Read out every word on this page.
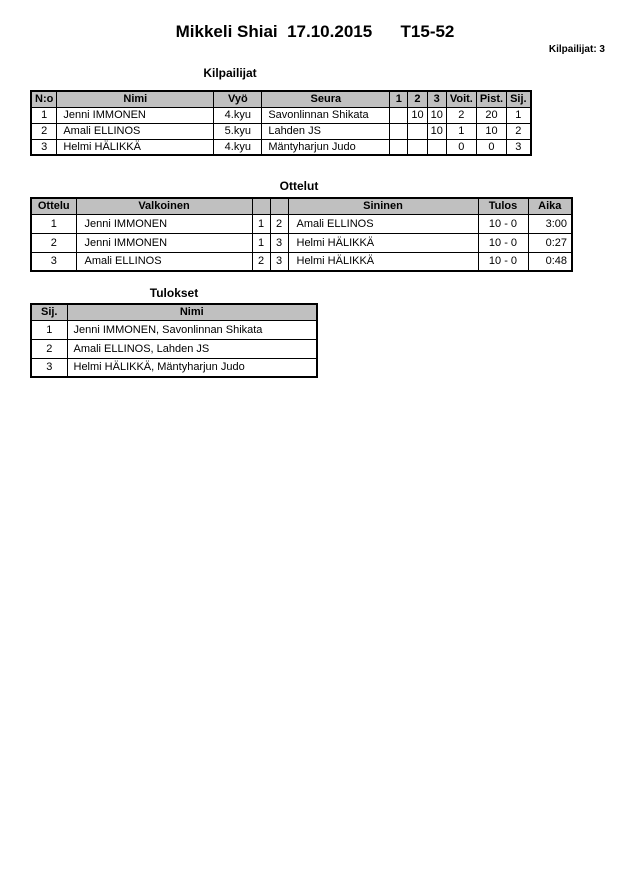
Mikkeli Shiai  17.10.2015      T15-52
Kilpailijat: 3
Kilpailijat
N:o	Nimi	Vyö	Seura	1	2	3	Voit.	Pist.	Sij.
1	Jenni IMMONEN	4.kyu	Savonlinnan Shikata		10	10	2	20	1
2	Amali ELLINOS	5.kyu	Lahden JS			10	1	10	2
3	Helmi HÄLIKKÄ	4.kyu	Mäntyharjun Judo				0	0	3
Ottelut
Ottelu	Valkoinen			Sininen	Tulos	Aika
1	Jenni IMMONEN	1	2	Amali ELLINOS	10 - 0	3:00
2	Jenni IMMONEN	1	3	Helmi HÄLIKKÄ	10 - 0	0:27
3	Amali ELLINOS	2	3	Helmi HÄLIKKÄ	10 - 0	0:48
Tulokset
Sij.	Nimi
1	Jenni IMMONEN, Savonlinnan Shikata
2	Amali ELLINOS, Lahden JS
3	Helmi HÄLIKKÄ, Mäntyharjun Judo
